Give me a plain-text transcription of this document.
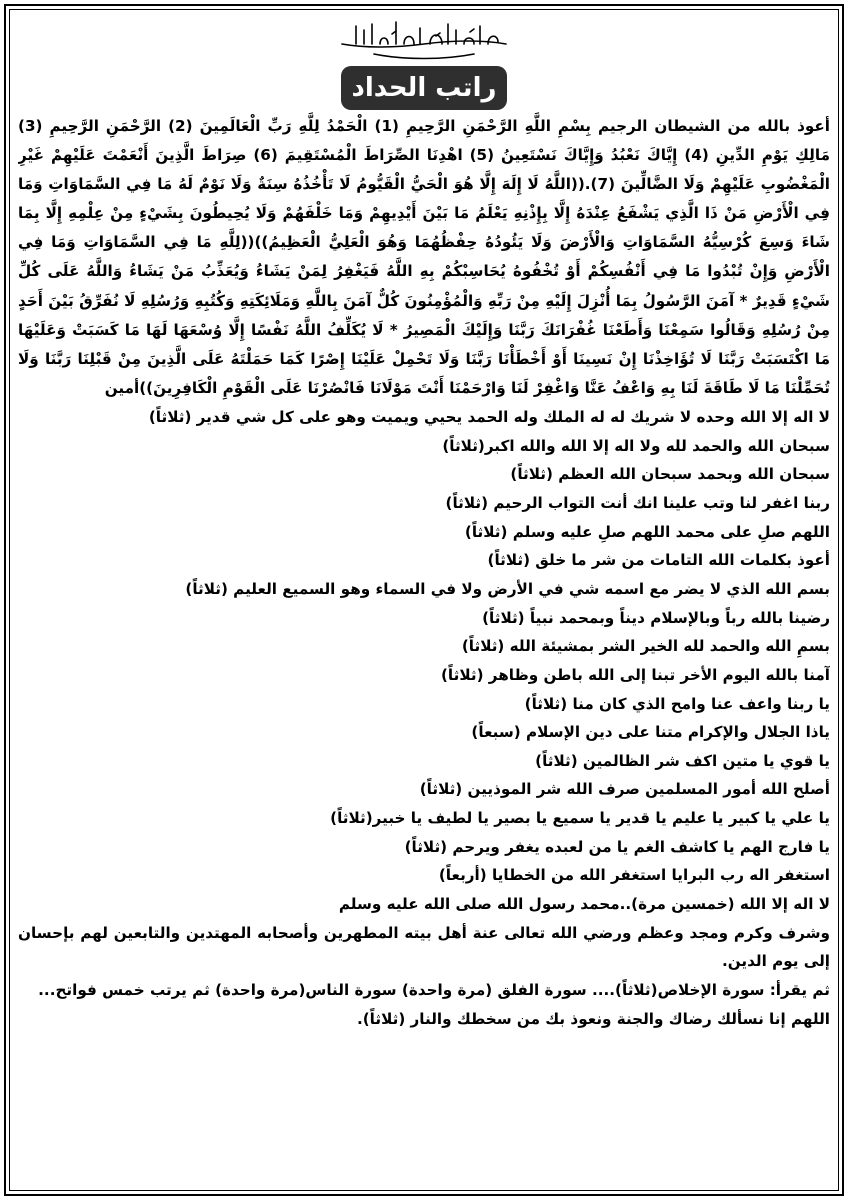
راتب الحداد

أعوذ بالله من الشيطان الرجيم بِسْمِ اللَّهِ الرَّحْمَنِ الرَّحِيمِ (1) الْحَمْدُ لِلَّهِ رَبِّ الْعَالَمِينَ (2) الرَّحْمَنِ الرَّحِيمِ (3) مَالِكِ يَوْمِ الدِّينِ (4) إِيَّاكَ نَعْبُدُ وَإِيَّاكَ نَسْتَعِينُ (5) اهْدِنَا الصِّرَاطَ الْمُسْتَقِيمَ (6) صِرَاطَ الَّذِينَ أَنْعَمْتَ عَلَيْهِمْ غَيْرِ الْمَغْضُوبِ عَلَيْهِمْ وَلَا الضَّالِّينَ (7).((اللَّهُ لَا إِلَهَ إِلَّا هُوَ الْحَيُّ الْقَيُّومُ لَا تَأْخُذُهُ سِنَةٌ وَلَا نَوْمٌ لَهُ مَا فِي السَّمَاوَاتِ وَمَا فِي الْأَرْضِ مَنْ ذَا الَّذِي يَشْفَعُ عِنْدَهُ إِلَّا بِإِذْنِهِ يَعْلَمُ مَا بَيْنَ أَيْدِيهِمْ وَمَا خَلْفَهُمْ وَلَا يُحِيطُونَ بِشَيْءٍ مِنْ عِلْمِهِ إِلَّا بِمَا شَاءَ وَسِعَ كُرْسِيُّهُ السَّمَاوَاتِ وَالْأَرْضَ وَلَا يَئُودُهُ حِفْظُهُمَا وَهُوَ الْعَلِيُّ الْعَظِيمُ))((لِلَّهِ مَا فِي السَّمَاوَاتِ وَمَا فِي الْأَرْضِ وَإِنْ تُبْدُوا مَا فِي أَنْفُسِكُمْ أَوْ تُخْفُوهُ يُحَاسِبْكُمْ بِهِ اللَّهُ فَيَغْفِرُ لِمَنْ يَشَاءُ وَيُعَذِّبُ مَنْ يَشَاءُ وَاللَّهُ عَلَى كُلِّ شَيْءٍ قَدِيرٌ * آمَنَ الرَّسُولُ بِمَا أُنْزِلَ إِلَيْهِ مِنْ رَبِّهِ وَالْمُؤْمِنُونَ كُلٌّ آمَنَ بِاللَّهِ وَمَلَائِكَتِهِ وَكُتُبِهِ وَرُسُلِهِ لَا نُفَرِّقُ بَيْنَ أَحَدٍ مِنْ رُسُلِهِ وَقَالُوا سَمِعْنَا وَأَطَعْنَا غُفْرَانَكَ رَبَّنَا وَإِلَيْكَ الْمَصِيرُ * لَا يُكَلِّفُ اللَّهُ نَفْسًا إِلَّا وُسْعَهَا لَهَا مَا كَسَبَتْ وَعَلَيْهَا مَا اكْتَسَبَتْ رَبَّنَا لَا تُؤَاخِذْنَا إِنْ نَسِينَا أَوْ أَخْطَأْنَا رَبَّنَا وَلَا تَحْمِلْ عَلَيْنَا إِصْرًا كَمَا حَمَلْتَهُ عَلَى الَّذِينَ مِنْ قَبْلِنَا رَبَّنَا وَلَا تُحَمِّلْنَا مَا لَا طَاقَةَ لَنَا بِهِ وَاعْفُ عَنَّا وَاغْفِرْ لَنَا وَارْحَمْنَا أَنْتَ مَوْلَانَا فَانْصُرْنَا عَلَى الْقَوْمِ الْكَافِرِينَ))أمين

لا اله إلا الله وحده لا شريك له له الملك وله الحمد يحيي ويميت وهو على كل شي قدير (ثلاثاً)
سبحان الله والحمد لله ولا اله إلا الله والله اكبر(ثلاثاً)
سبحان الله وبحمد سبحان الله العظم (ثلاثاً)
ربنا اغفر لنا وتب علينا انك أنت التواب الرحيم (ثلاثاً)
اللهم صلِ على محمد اللهم صلِ عليه وسلم (ثلاثاً)
أعوذ بكلمات الله التامات من شر ما خلق (ثلاثاً)
بسم الله الذي لا يضر مع اسمه شي في الأرض ولا في السماء وهو السميع العليم (ثلاثاً)
رضينا بالله رباً وبالإسلام ديناً وبمحمد نبياً (ثلاثاً)
بسمِ الله والحمد لله الخير الشر بمشيئة الله (ثلاثاً)
آمنا بالله اليوم الأخر تبنا إلى الله باطن وظاهر (ثلاثاً)
يا ربنا واعف عنا وامح الذي كان منا (ثلاثاً)
ياذا الجلال والإكرام متنا على دين الإسلام (سبعاً)
يا قوي يا متين اكف شر الظالمين (ثلاثاً)
أصلح الله أمور المسلمين صرف الله شر الموذيين (ثلاثاً)
يا علي يا كبير يا عليم يا قدير يا سميع يا بصير يا لطيف يا خبير(ثلاثاً)
يا فارج الهم يا كاشف الغم يا من لعبده يغفر ويرحم (ثلاثاً)
استغفر اله رب البرايا استغفر الله من الخطايا (أربعاً)
لا اله إلا الله (خمسين مرة)..محمد رسول الله صلى الله عليه وسلم

وشرف وكرم ومجد وعظم ورضي الله تعالى عنة أهل بيته المطهرين وأصحابه المهتدين والتابعين لهم بإحسان إلى يوم الدين.

ثم يقرأ: سورة الإخلاص(ثلاثاً).... سورة الفلق (مرة واحدة) سورة الناس(مرة واحدة) ثم يرتب خمس فواتح...

اللهم إنا نسألك رضاك والجنة ونعوذ بك من سخطك والنار (ثلاثاً).
